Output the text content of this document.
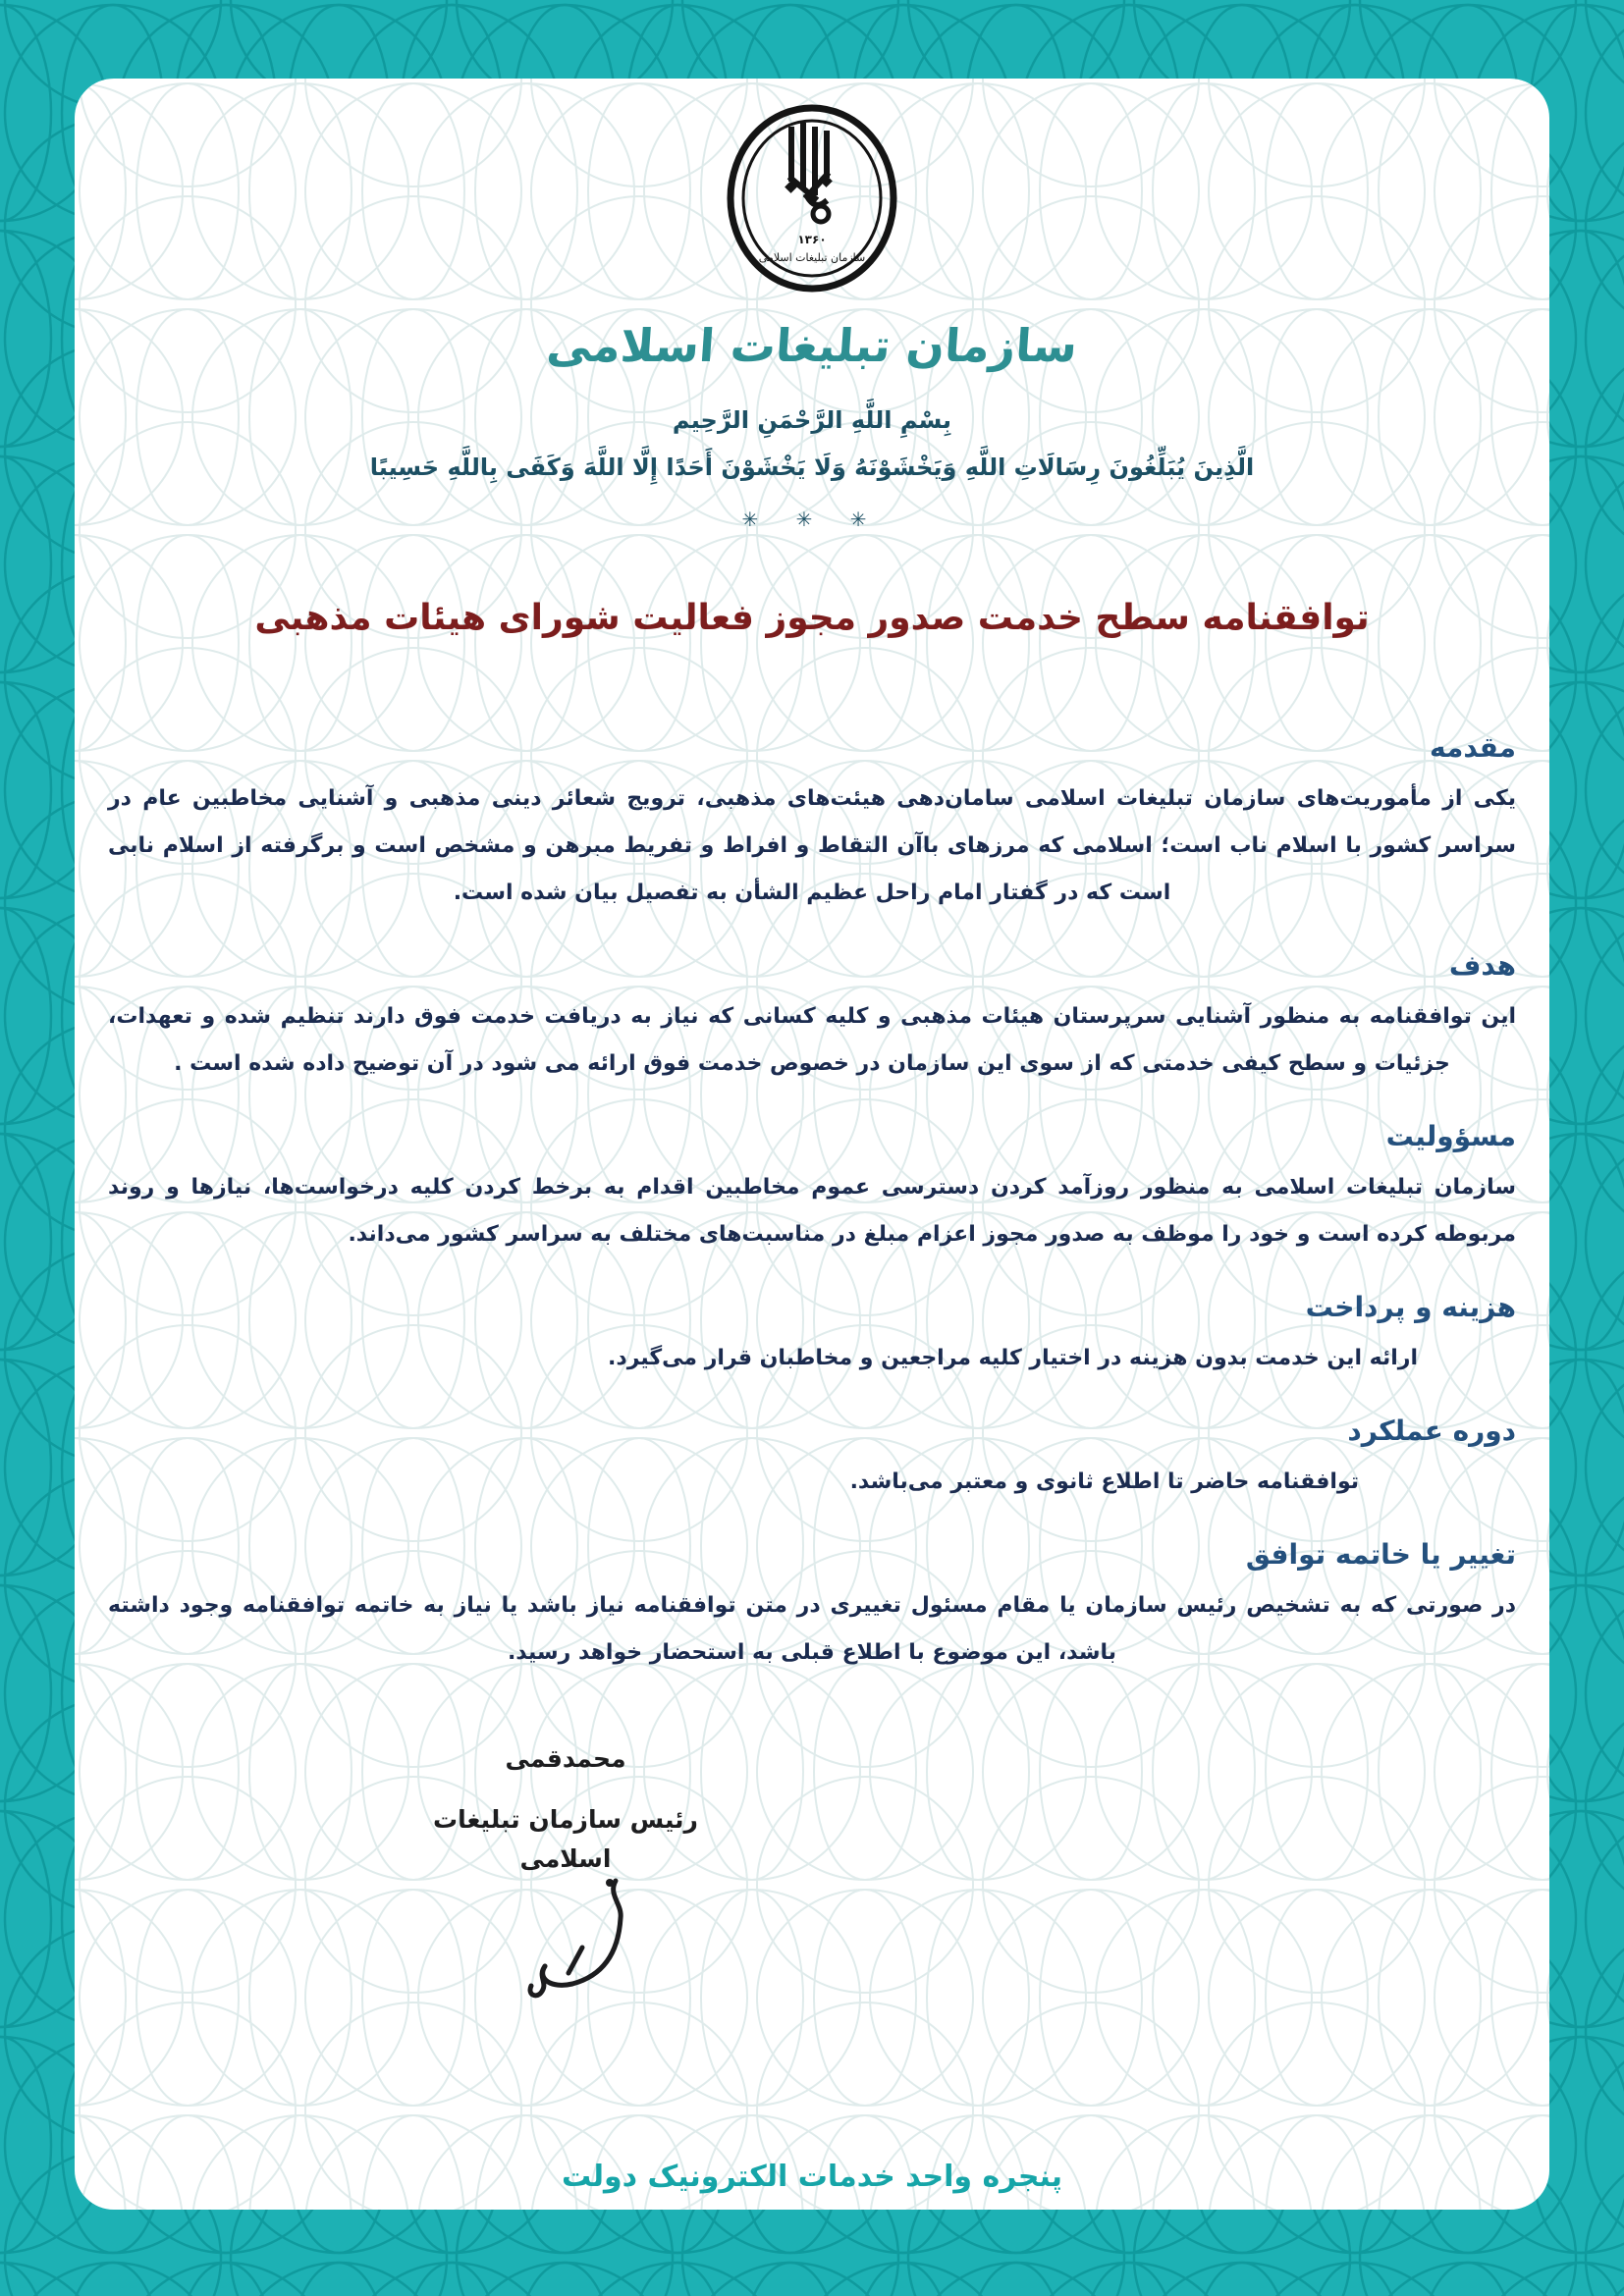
۱۳۶۰
سازمان تبلیغات اسلامی
سازمان تبلیغات اسلامی
بِسْمِ اللَّهِ الرَّحْمَنِ الرَّحِیم
الَّذِينَ يُبَلِّغُونَ رِسَالَاتِ اللَّهِ وَيَخْشَوْنَهُ وَلَا يَخْشَوْنَ أَحَدًا إِلَّا اللَّهَ وَكَفَى بِاللَّهِ حَسِيبًا
✳ ✳ ✳
توافقنامه سطح خدمت صدور مجوز فعالیت شورای هیئات مذهبی
مقدمه

یکی از مأموریت‌های سازمان تبلیغات اسلامی سامان‌دهی هیئت‌های مذهبی، ترویج شعائر دینی مذهبی و آشنایی مخاطبین عام در سراسر کشور با اسلام ناب است؛ اسلامی که مرزهای باآن التقاط و افراط و تفریط مبرهن و مشخص است و برگرفته از اسلام نابی است که در گفتار امام راحل عظیم الشأن به تفصیل بیان شده است.

هدف

این توافقنامه به منظور آشنایی سرپرستان هیئات مذهبی و کلیه کسانی که نیاز به دریافت خدمت فوق دارند تنظیم شده و تعهدات، جزئیات و سطح کیفی خدمتی که از سوی این سازمان در خصوص خدمت فوق ارائه می شود در آن توضیح داده شده است .

مسؤولیت

سازمان تبلیغات اسلامی به منظور روزآمد کردن دسترسی عموم مخاطبین اقدام به برخط کردن کلیه درخواست‌ها، نیازها و روند مربوطه کرده است و خود را موظف به صدور مجوز اعزام مبلغ در مناسبت‌های مختلف به سراسر کشور می‌داند.

هزینه و پرداخت

ارائه این خدمت بدون هزینه در اختیار کلیه مراجعین و مخاطبان قرار می‌گیرد.

دوره عملکرد

توافقنامه حاضر تا اطلاع ثانوی و معتبر می‌باشد.

تغییر یا خاتمه توافق

در صورتی که به تشخیص رئیس سازمان یا مقام مسئول تغییری در متن توافقنامه نیاز باشد یا نیاز به خاتمه توافقنامه وجود داشته باشد، این موضوع با اطلاع قبلی به استحضار خواهد رسید.

محمدقمی
رئیس سازمان تبلیغات اسلامی
پنجره واحد خدمات الکترونیک دولت
